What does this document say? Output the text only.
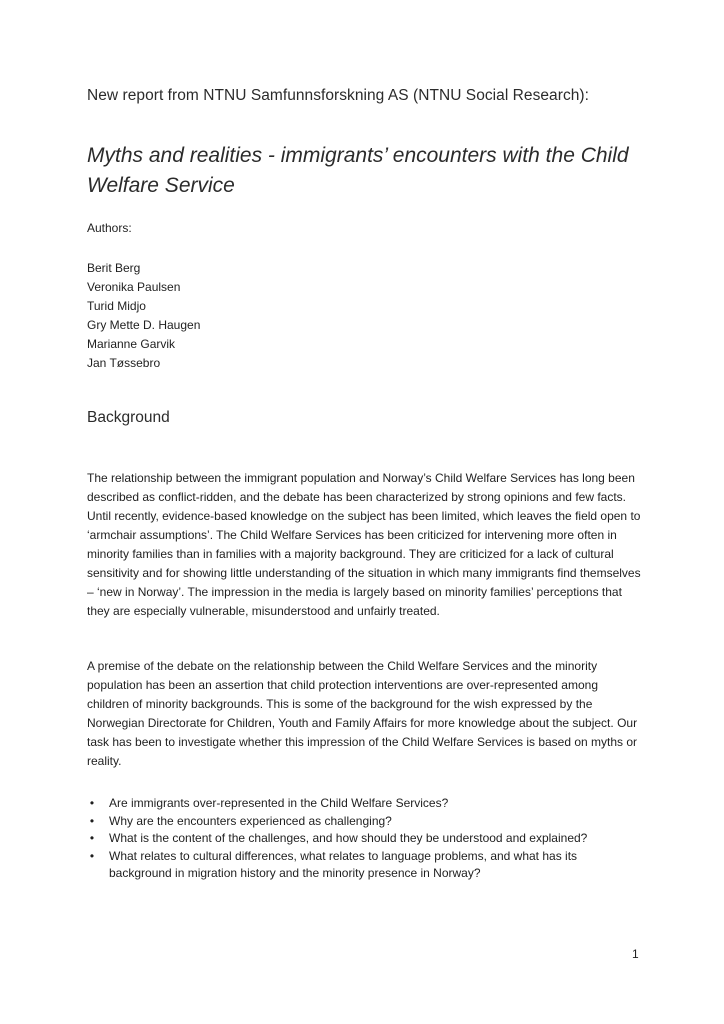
New report from NTNU Samfunnsforskning AS (NTNU Social Research):
Myths and realities - immigrants’ encounters with the Child Welfare Service
Authors:
Berit Berg
Veronika Paulsen
Turid Midjo
Gry Mette D. Haugen
Marianne Garvik
Jan Tøssebro
Background

The relationship between the immigrant population and Norway’s Child Welfare Services has long been described as conflict-ridden, and the debate has been characterized by strong opinions and few facts. Until recently, evidence-based knowledge on the subject has been limited, which leaves the field open to ‘armchair assumptions’. The Child Welfare Services has been criticized for intervening more often in minority families than in families with a majority background. They are criticized for a lack of cultural sensitivity and for showing little understanding of the situation in which many immigrants find themselves – ‘new in Norway’. The impression in the media is largely based on minority families’ perceptions that they are especially vulnerable, misunderstood and unfairly treated.

A premise of the debate on the relationship between the Child Welfare Services and the minority population has been an assertion that child protection interventions are over-represented among children of minority backgrounds. This is some of the background for the wish expressed by the Norwegian Directorate for Children, Youth and Family Affairs for more knowledge about the subject. Our task has been to investigate whether this impression of the Child Welfare Services is based on myths or reality.

• Are immigrants over-represented in the Child Welfare Services?
• Why are the encounters experienced as challenging?
• What is the content of the challenges, and how should they be understood and explained?
• What relates to cultural differences, what relates to language problems, and what has its background in migration history and the minority presence in Norway?
1
